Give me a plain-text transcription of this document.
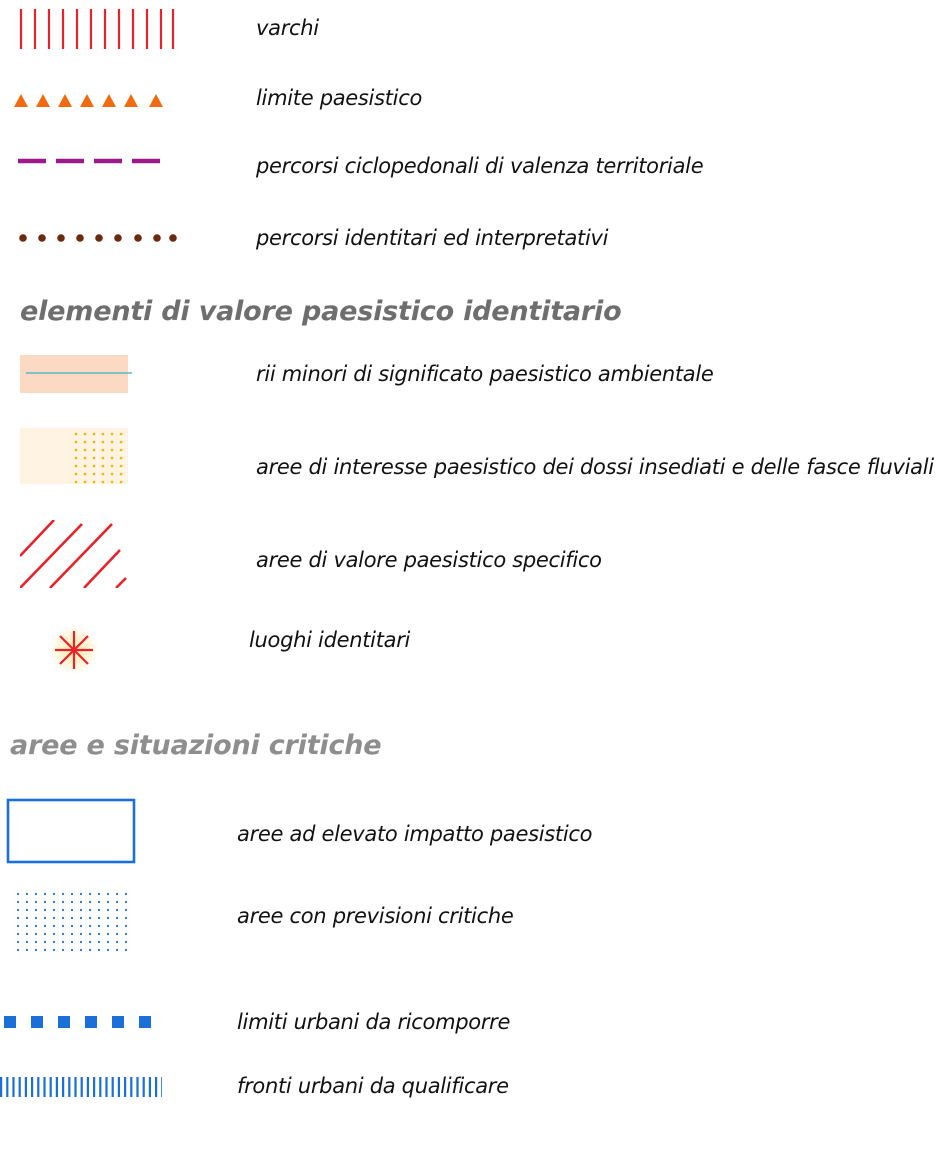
varchi
limite paesistico
percorsi ciclopedonali di valenza territoriale
percorsi identitari ed interpretativi
elementi di valore paesistico identitario
rii minori di significato paesistico ambientale
aree di interesse paesistico dei dossi insediati e delle fasce fluviali
aree di valore paesistico specifico
luoghi identitari
aree e situazioni critiche
aree ad elevato impatto paesistico
aree con previsioni critiche
limiti urbani da ricomporre
fronti urbani da qualificare
